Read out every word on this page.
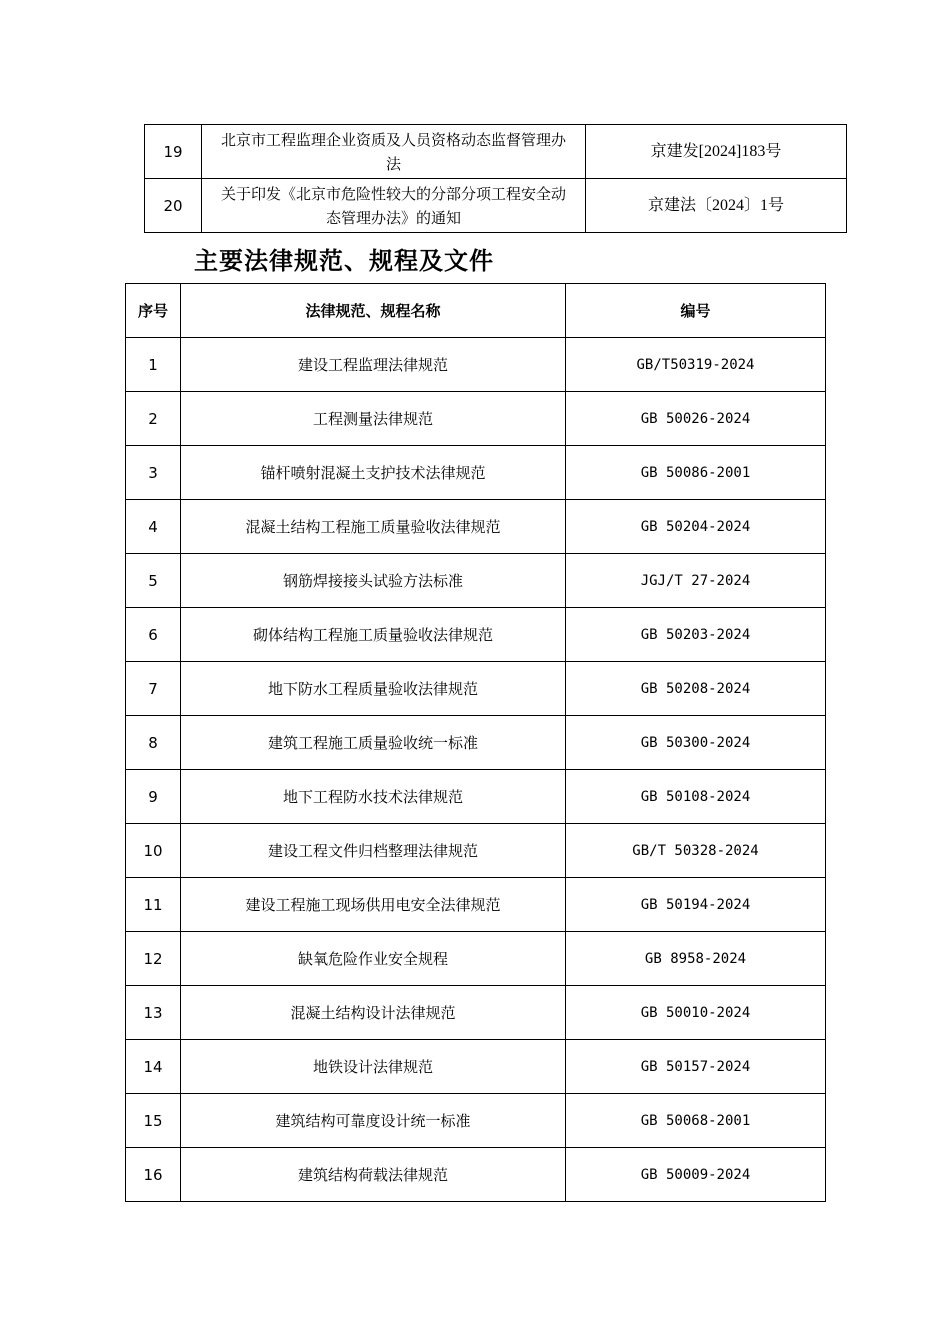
19	北京市工程监理企业资质及人员资格动态监督管理办法	京建发[2024]183号
20	关于印发《北京市危险性较大的分部分项工程安全动态管理办法》的通知	京建法〔2024〕1号
主要法律规范、规程及文件
序号	法律规范、规程名称	编号
1	建设工程监理法律规范	GB/T50319-2024
2	工程测量法律规范	GB 50026-2024
3	锚杆喷射混凝土支护技术法律规范	GB 50086-2001
4	混凝土结构工程施工质量验收法律规范	GB 50204-2024
5	钢筋焊接接头试验方法标准	JGJ/T 27-2024
6	砌体结构工程施工质量验收法律规范	GB 50203-2024
7	地下防水工程质量验收法律规范	GB 50208-2024
8	建筑工程施工质量验收统一标准	GB 50300-2024
9	地下工程防水技术法律规范	GB 50108-2024
10	建设工程文件归档整理法律规范	GB/T 50328-2024
11	建设工程施工现场供用电安全法律规范	GB 50194-2024
12	缺氧危险作业安全规程	GB 8958-2024
13	混凝土结构设计法律规范	GB 50010-2024
14	地铁设计法律规范	GB 50157-2024
15	建筑结构可靠度设计统一标准	GB 50068-2001
16	建筑结构荷载法律规范	GB 50009-2024
